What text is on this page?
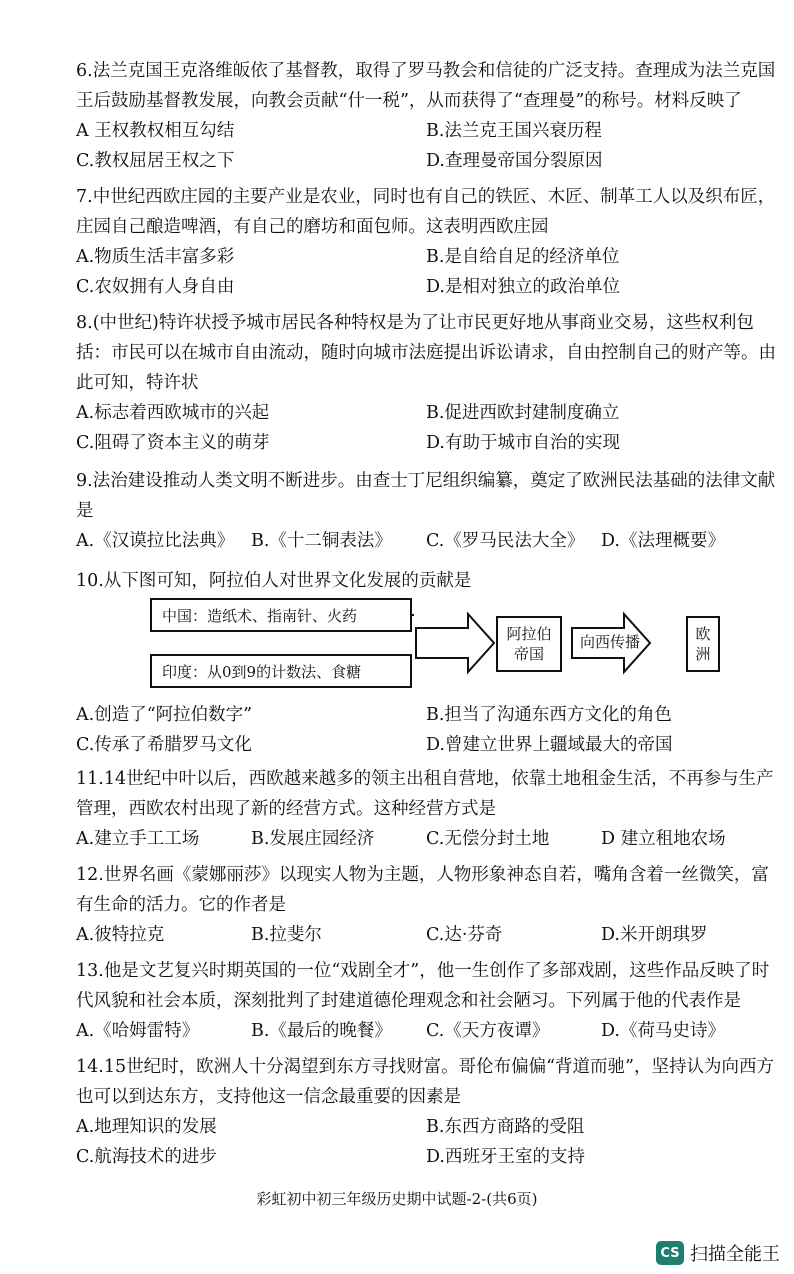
6.法兰克国王克洛维皈依了基督教，取得了罗马教会和信徒的广泛支持。查理成为法兰克国王后鼓励基督教发展，向教会贡献“什一税”，从而获得了“查理曼”的称号。材料反映了
A 王权教权相互勾结	B.法兰克王国兴衰历程
C.教权屈居王权之下	D.查理曼帝国分裂原因
7.中世纪西欧庄园的主要产业是农业，同时也有自己的铁匠、木匠、制革工人以及织布匠，庄园自己酿造啤酒，有自己的磨坊和面包师。这表明西欧庄园
A.物质生活丰富多彩	B.是自给自足的经济单位
C.农奴拥有人身自由	D.是相对独立的政治单位
8.(中世纪)特许状授予城市居民各种特权是为了让市民更好地从事商业交易，这些权利包括：市民可以在城市自由流动，随时向城市法庭提出诉讼请求，自由控制自己的财产等。由此可知，特许状
A.标志着西欧城市的兴起	B.促进西欧封建制度确立
C.阻碍了资本主义的萌芽	D.有助于城市自治的实现
9.法治建设推动人类文明不断进步。由查士丁尼组织编纂，奠定了欧洲民法基础的法律文献是
A.《汉谟拉比法典》 B.《十二铜表法》	C.《罗马民法大全》 D.《法理概要》
10.从下图可知，阿拉伯人对世界文化发展的贡献是
中国：造纸术、指南针、火药
印度：从0到9的计数法、食糖
阿拉伯帝国
向西传播	欧洲
A.创造了“阿拉伯数字”	B.担当了沟通东西方文化的角色
C.传承了希腊罗马文化	D.曾建立世界上疆域最大的帝国
11.14世纪中叶以后，西欧越来越多的领主出租自营地，依靠土地租金生活，不再参与生产管理，西欧农村出现了新的经营方式。这种经营方式是
A.建立手工工场	B.发展庄园经济	C.无偿分封土地	D 建立租地农场
12.世界名画《蒙娜丽莎》以现实人物为主题，人物形象神态自若，嘴角含着一丝微笑，富有生命的活力。它的作者是
A.彼特拉克	B.拉斐尔	C.达·芬奇	D.米开朗琪罗
13.他是文艺复兴时期英国的一位“戏剧全才”，他一生创作了多部戏剧，这些作品反映了时代风貌和社会本质，深刻批判了封建道德伦理观念和社会陋习。下列属于他的代表作是
A.《哈姆雷特》	B.《最后的晚餐》	C.《天方夜谭》	D.《荷马史诗》
14.15世纪时，欧洲人十分渴望到东方寻找财富。哥伦布偏偏“背道而驰”，坚持认为向西方也可以到达东方，支持他这一信念最重要的因素是
A.地理知识的发展	B.东西方商路的受阻
C.航海技术的进步	D.西班牙王室的支持
彩虹初中初三年级历史期中试题-2-(共6页)
CS 扫描全能王
